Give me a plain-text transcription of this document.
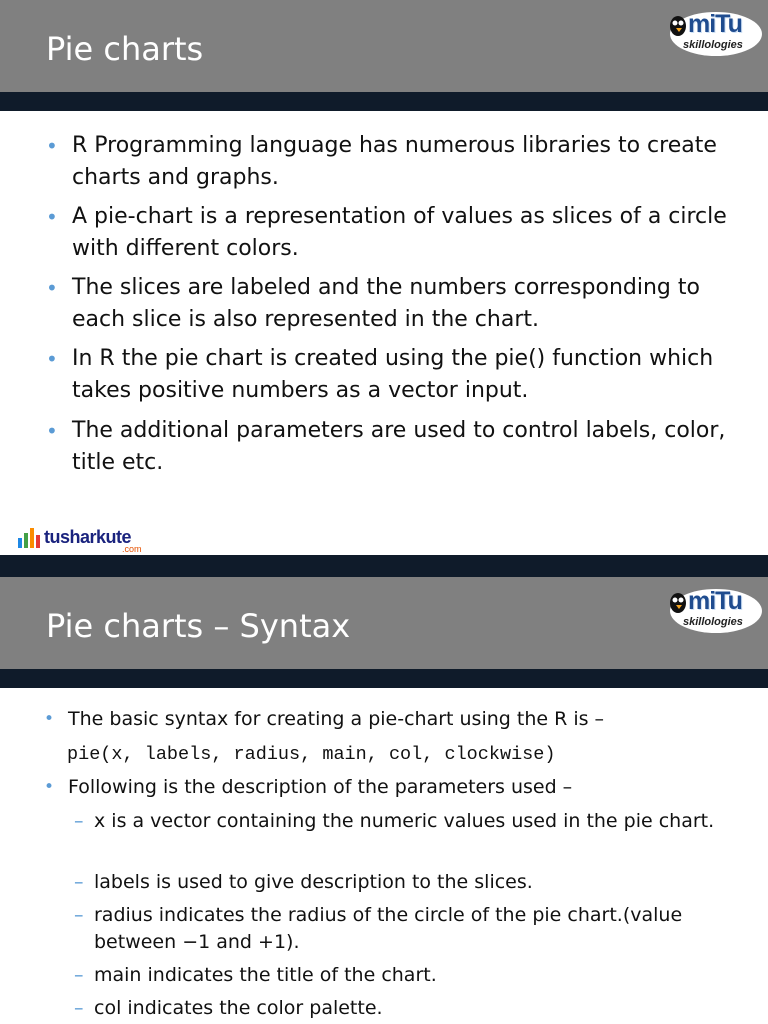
Pie charts
miTu
skillologies
• R Programming language has numerous libraries to create charts and graphs.
• A pie-chart is a representation of values as slices of a circle with different colors.
• The slices are labeled and the numbers corresponding to each slice is also represented in the chart.
• In R the pie chart is created using the pie() function which takes positive numbers as a vector input.
• The additional parameters are used to control labels, color, title etc.
tusharkute
.com
Pie charts – Syntax
miTu
skillologies
• The basic syntax for creating a pie-chart using the R is –
pie(x, labels, radius, main, col, clockwise)
• Following is the description of the parameters used –
– x is a vector containing the numeric values used in the pie chart.
– labels is used to give description to the slices.
– radius indicates the radius of the circle of the pie chart.(value between −1 and +1).
– main indicates the title of the chart.
– col indicates the color palette.
